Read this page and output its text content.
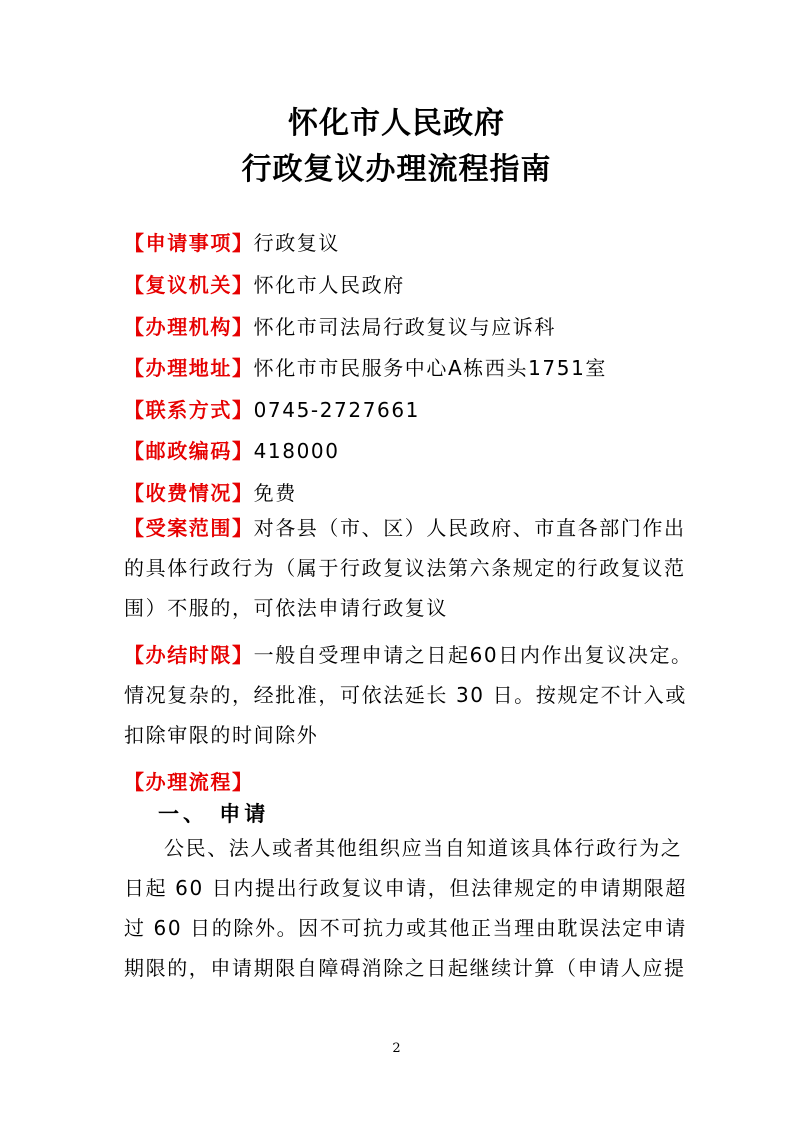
怀化市人民政府
行政复议办理流程指南
【申请事项】行政复议
【复议机关】怀化市人民政府
【办理机构】怀化市司法局行政复议与应诉科
【办理地址】怀化市市民服务中心A栋西头1751室
【联系方式】0745-2727661
【邮政编码】418000
【收费情况】免费
【受案范围】对各县（市、区）人民政府、市直各部门作出
的具体行政行为（属于行政复议法第六条规定的行政复议范
围）不服的，可依法申请行政复议
【办结时限】一般自受理申请之日起60日内作出复议决定。
情况复杂的，经批准，可依法延长 30 日。按规定不计入或
扣除审限的时间除外
【办理流程】
一、 申请
公民、法人或者其他组织应当自知道该具体行政行为之
日起 60 日内提出行政复议申请，但法律规定的申请期限超
过 60 日的除外。因不可抗力或其他正当理由耽误法定申请
期限的，申请期限自障碍消除之日起继续计算（申请人应提
2
